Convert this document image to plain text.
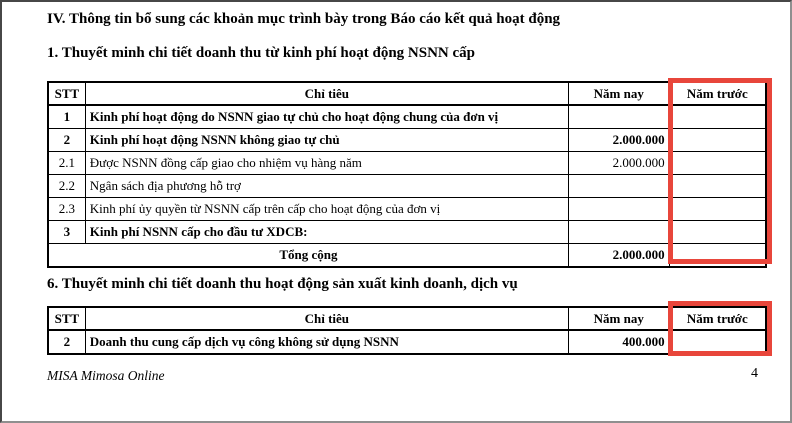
IV. Thông tin bổ sung các khoản mục trình bày trong Báo cáo kết quả hoạt động
1. Thuyết minh chi tiết doanh thu từ kinh phí hoạt động NSNN cấp
STT	Chỉ tiêu	Năm nay	Năm trước
1	Kinh phí hoạt động do NSNN giao tự chủ cho hoạt động chung của đơn vị		
2	Kinh phí hoạt động NSNN không giao tự chủ	2.000.000	
2.1	Được NSNN đồng cấp giao cho nhiệm vụ hàng năm	2.000.000	
2.2	Ngân sách địa phương hỗ trợ		
2.3	Kinh phí ủy quyền từ NSNN cấp trên cấp cho hoạt động của đơn vị		
3	Kinh phí NSNN cấp cho đầu tư XDCB:		
Tổng cộng		2.000.000	
6. Thuyết minh chi tiết doanh thu hoạt động sản xuất kinh doanh, dịch vụ
STT	Chỉ tiêu	Năm nay	Năm trước
2	Doanh thu cung cấp dịch vụ công không sử dụng NSNN	400.000	
MISA Mimosa Online	4
